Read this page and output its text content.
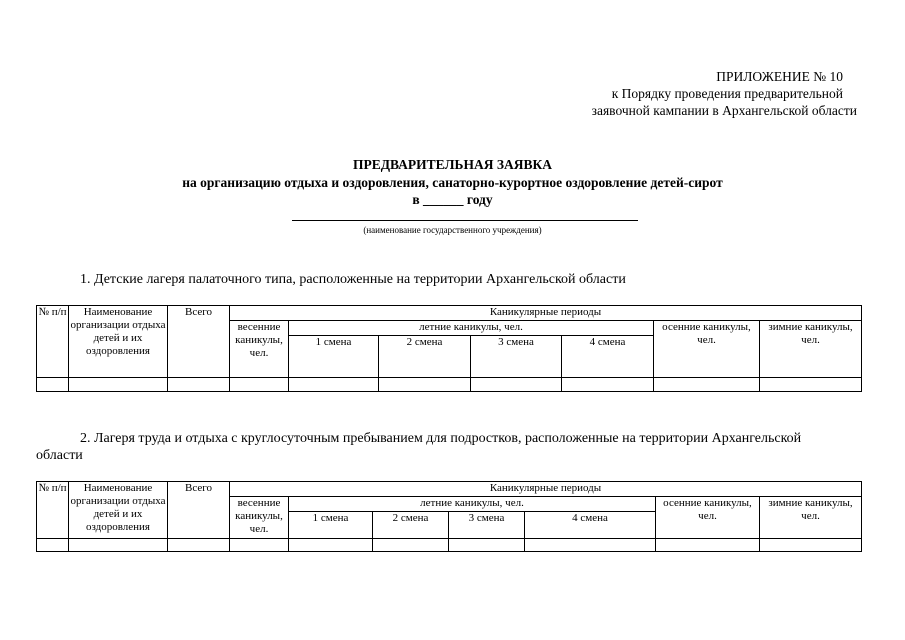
ПРИЛОЖЕНИЕ № 10
к Порядку проведения предварительной
заявочной кампании в Архангельской области
ПРЕДВАРИТЕЛЬНАЯ ЗАЯВКА
на организацию отдыха и оздоровления, санаторно-курортное оздоровление детей-сирот
в ______ году
(наименование государственного учреждения)
1. Детские лагеря палаточного типа, расположенные на территории Архангельской области
№ п/п	Наименование организации отдыха детей и их оздоровления	Всего	Каникулярные периоды						
			весенние каникулы, чел.	летние каникулы, чел.				осенние каникулы, чел.	зимние каникулы, чел.
				1 смена	2 смена	3 смена	4 смена		

2. Лагеря труда и отдыха с круглосуточным пребыванием для подростков, расположенные на территории Архангельской
области
№ п/п	Наименование организации отдыха детей и их оздоровления	Всего	Каникулярные периоды						
			весенние каникулы, чел.	летние каникулы, чел.				осенние каникулы, чел.	зимние каникулы, чел.
				1 смена	2 смена	3 смена	4 смена		
